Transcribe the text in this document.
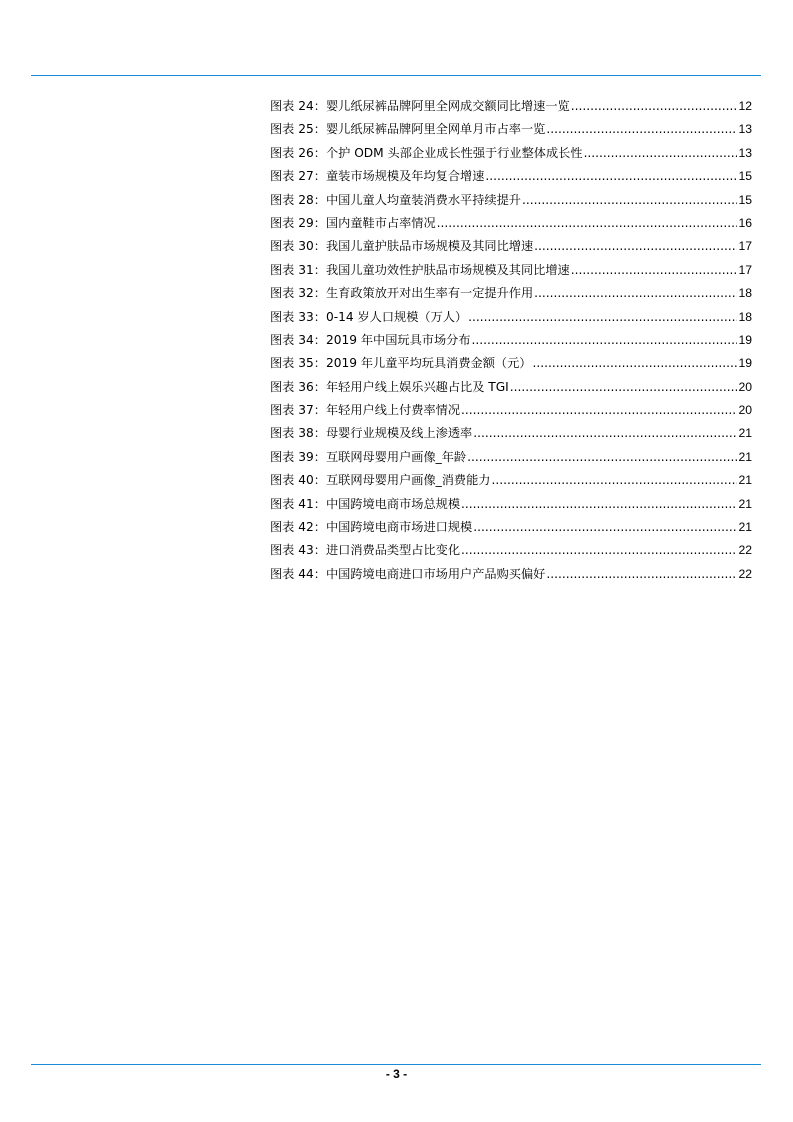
图表 24：婴儿纸尿裤品牌阿里全网成交额同比增速一览 .....	12
图表 25：婴儿纸尿裤品牌阿里全网单月市占率一览 .....	13
图表 26：个护 ODM 头部企业成长性强于行业整体成长性 .....	13
图表 27：童装市场规模及年均复合增速 .....	15
图表 28：中国儿童人均童装消费水平持续提升 .....	15
图表 29：国内童鞋市占率情况 .....	16
图表 30：我国儿童护肤品市场规模及其同比增速 .....	17
图表 31：我国儿童功效性护肤品市场规模及其同比增速 .....	17
图表 32：生育政策放开对出生率有一定提升作用 .....	18
图表 33：0-14 岁人口规模（万人） .....	18
图表 34：2019 年中国玩具市场分布 .....	19
图表 35：2019 年儿童平均玩具消费金额（元） .....	19
图表 36：年轻用户线上娱乐兴趣占比及 TGI .....	20
图表 37：年轻用户线上付费率情况 .....	20
图表 38：母婴行业规模及线上渗透率 .....	21
图表 39：互联网母婴用户画像_年龄 .....	21
图表 40：互联网母婴用户画像_消费能力 .....	21
图表 41：中国跨境电商市场总规模 .....	21
图表 42：中国跨境电商市场进口规模 .....	21
图表 43：进口消费品类型占比变化 .....	22
图表 44：中国跨境电商进口市场用户产品购买偏好 .....	22
- 3 -
